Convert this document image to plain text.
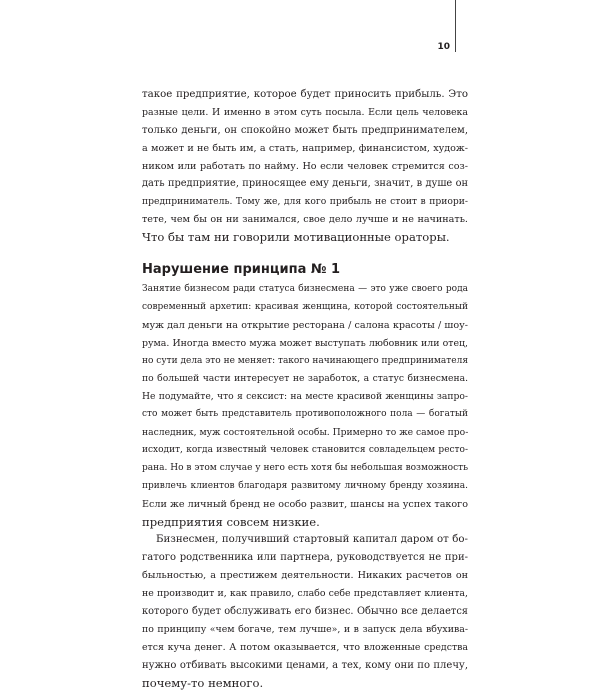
10
такое предприятие, которое будет приносить прибыль. Это
разные цели. И именно в этом суть посыла. Если цель человека
только деньги, он спокойно может быть предпринимателем,
а может и не быть им, а стать, например, финансистом, худож-
ником или работать по найму. Но если человек стремится соз-
дать предприятие, приносящее ему деньги, значит, в душе он
предприниматель. Тому же, для кого прибыль не стоит в приори-
тете, чем бы он ни занимался, свое дело лучше и не начинать.
Что бы там ни говорили мотивационные ораторы.
Нарушение принципа № 1
Занятие бизнесом ради статуса бизнесмена — это уже своего рода
современный архетип: красивая женщина, которой состоятельный
муж дал деньги на открытие ресторана / салона красоты / шоу-
рума. Иногда вместо мужа может выступать любовник или отец,
но сути дела это не меняет: такого начинающего предпринимателя
по большей части интересует не заработок, а статус бизнесмена.
Не подумайте, что я сексист: на месте красивой женщины запро-
сто может быть представитель противоположного пола — богатый
наследник, муж состоятельной особы. Примерно то же самое про-
исходит, когда известный человек становится совладельцем ресто-
рана. Но в этом случае у него есть хотя бы небольшая возможность
привлечь клиентов благодаря развитому личному бренду хозяина.
Если же личный бренд не особо развит, шансы на успех такого
предприятия совсем низкие.
Бизнесмен, получивший стартовый капитал даром от бо-
гатого родственника или партнера, руководствуется не при-
быльностью, а престижем деятельности. Никаких расчетов он
не производит и, как правило, слабо себе представляет клиента,
которого будет обслуживать его бизнес. Обычно все делается
по принципу «чем богаче, тем лучше», и в запуск дела вбухива-
ется куча денег. А потом оказывается, что вложенные средства
нужно отбивать высокими ценами, а тех, кому они по плечу,
почему-то немного.
